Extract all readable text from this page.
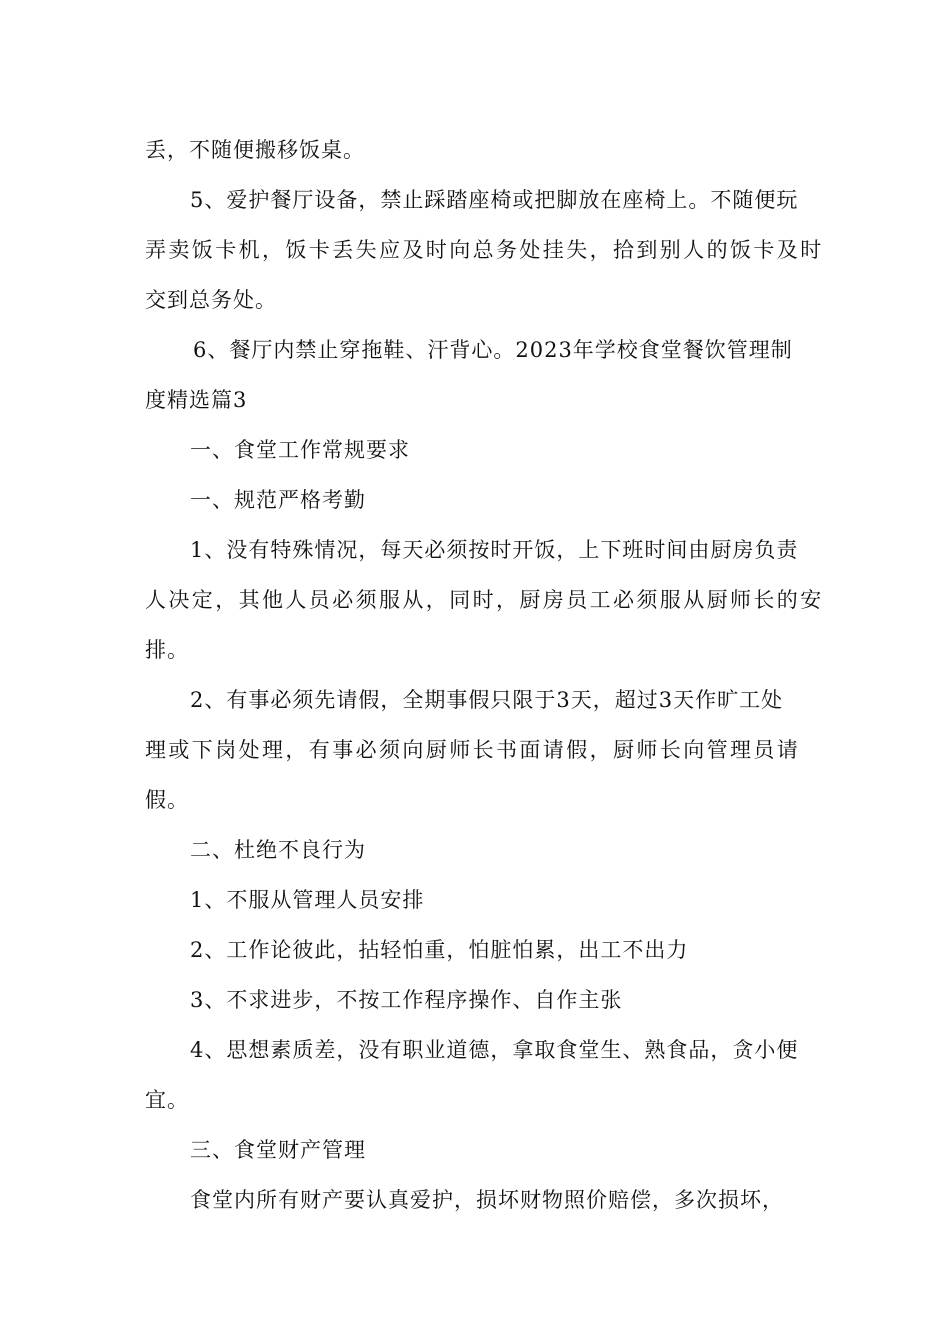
丢，不随便搬移饭桌。
5、爱护餐厅设备，禁止踩踏座椅或把脚放在座椅上。不随便玩
弄卖饭卡机，饭卡丢失应及时向总务处挂失，拾到别人的饭卡及时
交到总务处。
6、餐厅内禁止穿拖鞋、汗背心。2023年学校食堂餐饮管理制
度精选篇3
一、食堂工作常规要求
一、规范严格考勤
1、没有特殊情况，每天必须按时开饭，上下班时间由厨房负责
人决定，其他人员必须服从，同时，厨房员工必须服从厨师长的安
排。
2、有事必须先请假，全期事假只限于3天，超过3天作旷工处
理或下岗处理，有事必须向厨师长书面请假，厨师长向管理员请
假。
二、杜绝不良行为
1、不服从管理人员安排
2、工作论彼此，拈轻怕重，怕脏怕累，出工不出力
3、不求进步，不按工作程序操作、自作主张
4、思想素质差，没有职业道德，拿取食堂生、熟食品，贪小便
宜。
三、食堂财产管理
食堂内所有财产要认真爱护，损坏财物照价赔偿，多次损坏，
